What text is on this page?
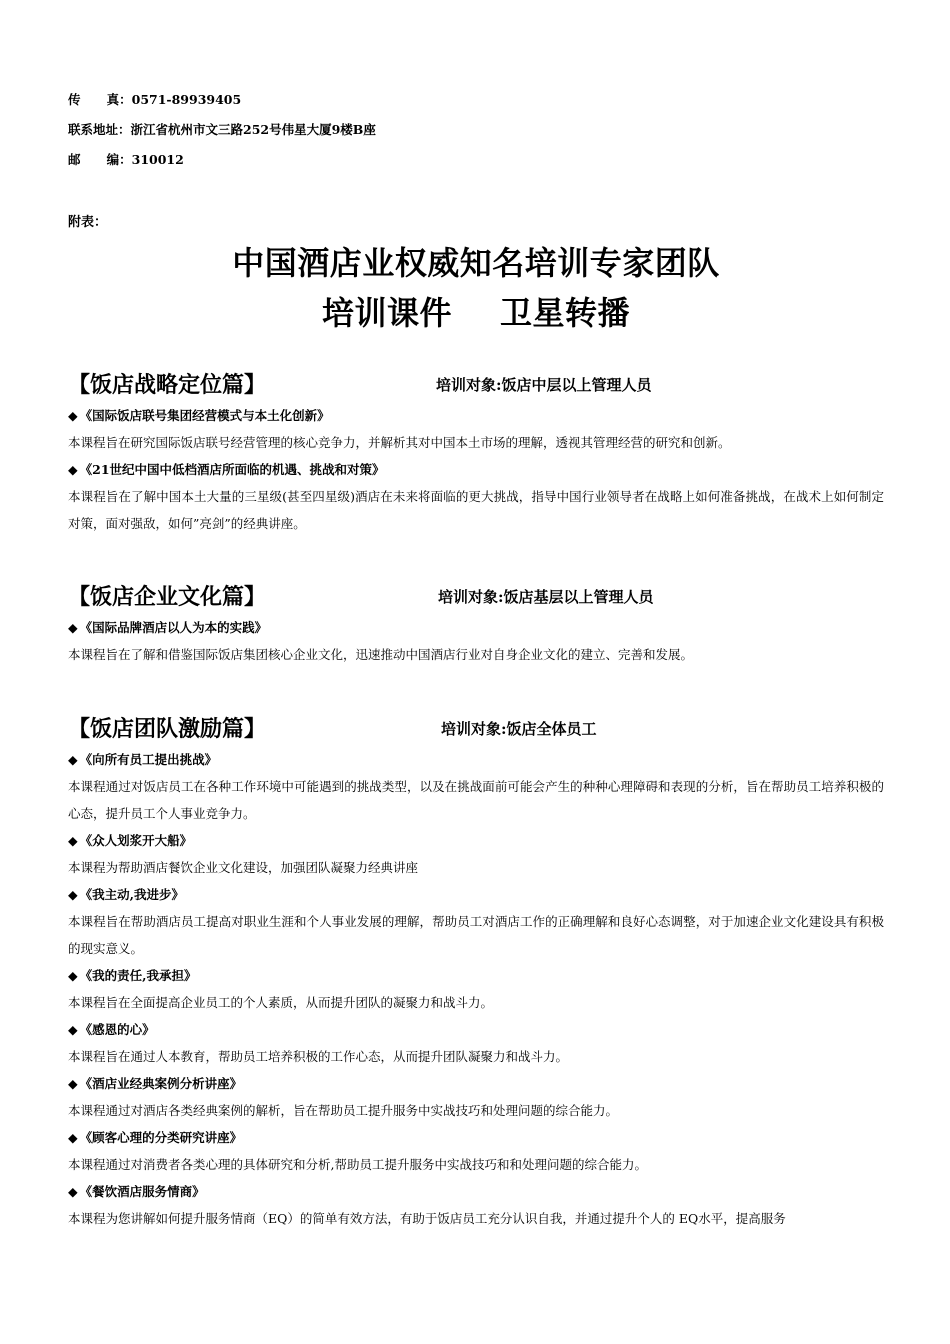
传      真：0571-89939405
联系地址：浙江省杭州市文三路252号伟星大厦9楼B座
邮      编：310012
附表：
中国酒店业权威知名培训专家团队
培训课件 卫星转播
【饭店战略定位篇】	培训对象:饭店中层以上管理人员
◆ 《国际饭店联号集团经营模式与本土化创新》

本课程旨在研究国际饭店联号经营管理的核心竞争力，并解析其对中国本土市场的理解，透视其管理经营的研究和创新。

◆ 《21世纪中国中低档酒店所面临的机遇、挑战和对策》

本课程旨在了解中国本土大量的三星级(甚至四星级)酒店在未来将面临的更大挑战，指导中国行业领导者在战略上如何准备挑战，在战术上如何制定对策，面对强敌，如何”亮剑”的经典讲座。

【饭店企业文化篇】	培训对象:饭店基层以上管理人员
◆ 《国际品牌酒店以人为本的实践》

本课程旨在了解和借鉴国际饭店集团核心企业文化，迅速推动中国酒店行业对自身企业文化的建立、完善和发展。

【饭店团队激励篇】	培训对象:饭店全体员工
◆ 《向所有员工提出挑战》

本课程通过对饭店员工在各种工作环境中可能遇到的挑战类型，以及在挑战面前可能会产生的种种心理障碍和表现的分析，旨在帮助员工培养积极的心态，提升员工个人事业竞争力。

◆ 《众人划浆开大船》

本课程为帮助酒店餐饮企业文化建设，加强团队凝聚力经典讲座

◆ 《我主动,我进步》

本课程旨在帮助酒店员工提高对职业生涯和个人事业发展的理解，帮助员工对酒店工作的正确理解和良好心态调整，对于加速企业文化建设具有积极的现实意义。

◆ 《我的责任,我承担》

本课程旨在全面提高企业员工的个人素质，从而提升团队的凝聚力和战斗力。

◆ 《感恩的心》

本课程旨在通过人本教育，帮助员工培养积极的工作心态，从而提升团队凝聚力和战斗力。

◆ 《酒店业经典案例分析讲座》

本课程通过对酒店各类经典案例的解析，旨在帮助员工提升服务中实战技巧和处理问题的综合能力。

◆ 《顾客心理的分类研究讲座》

本课程通过对消费者各类心理的具体研究和分析,帮助员工提升服务中实战技巧和和处理问题的综合能力。

◆ 《餐饮酒店服务情商》

本课程为您讲解如何提升服务情商（EQ）的简单有效方法，有助于饭店员工充分认识自我，并通过提升个人的 EQ水平，提高服务
